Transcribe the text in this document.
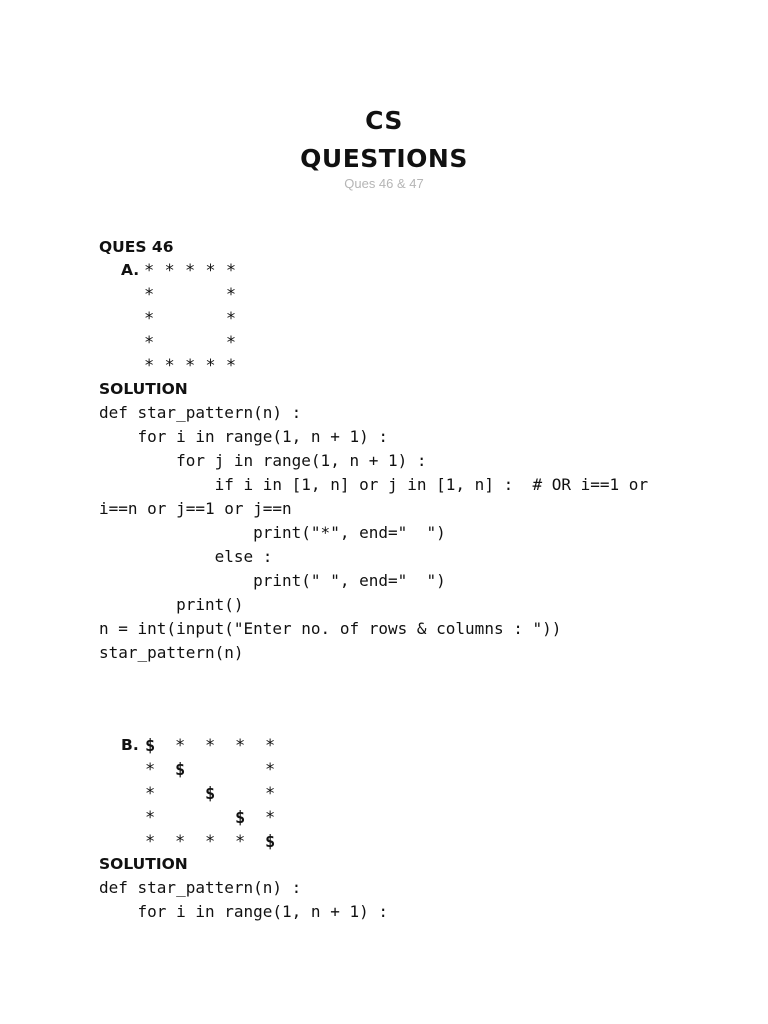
CS
QUESTIONS
Ques 46 & 47
QUES 46
A. * * * * *
*       *
*       *
*       *
* * * * *
SOLUTION
def star_pattern(n) :
for i in range(1, n + 1) :
for j in range(1, n + 1) :
if i in [1, n] or j in [1, n] :  # OR i==1 or
i==n or j==1 or j==n
print("*", end="  ")
else :
print(" ", end="  ")
print()
n = int(input("Enter no. of rows & columns : "))
star_pattern(n)
B. $ * * * *
* $	*
*	$	*
*	$ *
* * * * $
SOLUTION
def star_pattern(n) :
for i in range(1, n + 1) :
